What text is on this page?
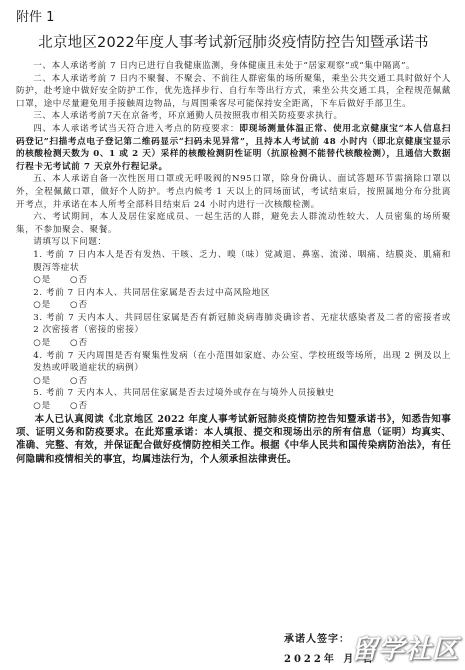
附件 1
北京地区2022年度人事考试新冠肺炎疫情防控告知暨承诺书

一、本人承诺考前 7 日内已进行自我健康监测，身体健康且未处于“居家观察”或“集中隔离”。

二、本人承诺考前 7 日内不聚餐、不聚会、不前往人群密集的场所聚集，乘坐公共交通工具时做好个人防护，赴考途中做好安全防护工作，优先选择步行、自行车等出行方式，乘坐公共交通工具，全程规范佩戴口罩，途中尽量避免用手接触周边物品，与周围乘客尽可能保持安全距离，下车后做好手部卫生。

三、本人承诺考前7天在京备考，环京通勤人员按照我市相关防疫要求执行。

四、本人承诺考试当天符合进入考点的防疫要求：即现场测量体温正常、使用北京健康宝“本人信息扫码登记”扫描考点电子登记第二维码显示“扫码未见异常”，且持本人考试前 48 小时内（即北京健康宝显示的核酸检测天数为 0、1 或 2 天）采样的核酸检测阴性证明（抗原检测不能替代核酸检测），且通信大数据行程卡无考试前 7 天京外行程记录。

五、本人承诺自备一次性医用口罩或无呼吸阀的N95口罩，除身份确认、面试答题环节需摘除口罩以外，全程佩戴口罩，做好个人防护。考点内候考 1 天以上的同场面试，考试结束后，按照属地分布分批离开考点，并承诺在本人所考全部科目结束后 24 小时内进行一次核酸检测。

六、考试期间，本人及居住家庭成员、一起生活的人群，避免去人群流动性较大、人员密集的场所聚集，不参加聚会、聚餐。

请填写以下问题：

1. 考前 7 日内本人是否有发热、干咳、乏力、嗅（味）觉减退、鼻塞、流涕、咽痛、结膜炎、肌痛和腹泻等症状

○是 ○否

2. 考前 7 日内本人、共同居住家属是否去过中高风险地区

○是 ○否

3. 考前 7 天内本人、共同居住家属是否有新冠肺炎病毒肺炎确诊者、无症状感染者及二者的密接者或 2 次密接者（密接的密接）

○是 ○否

4. 考前 7 天内周围是否有聚集性发病（在小范围如家庭、办公室、学校班级等场所，出现 2 例及以上发热或呼吸道症状的病例）

○是 ○否

5. 考前 7 天内本人、共同居住家属是否去过境外或存在与境外人员接触史

○是 ○否

本人已认真阅读《北京地区 2022 年度人事考试新冠肺炎疫情防控告知暨承诺书》，知悉告知事项、证明义务和防疫要求。在此郑重承诺：本人填报、提交和现场出示的所有信息（证明）均真实、准确、完整、有效，并保证配合做好疫情防控相关工作。根据《中华人民共和国传染病防治法》，有任何隐瞒和疫情相关的事宜，均属违法行为，个人须承担法律责任。

承诺人签字：
2022年 月 日
留学社区
